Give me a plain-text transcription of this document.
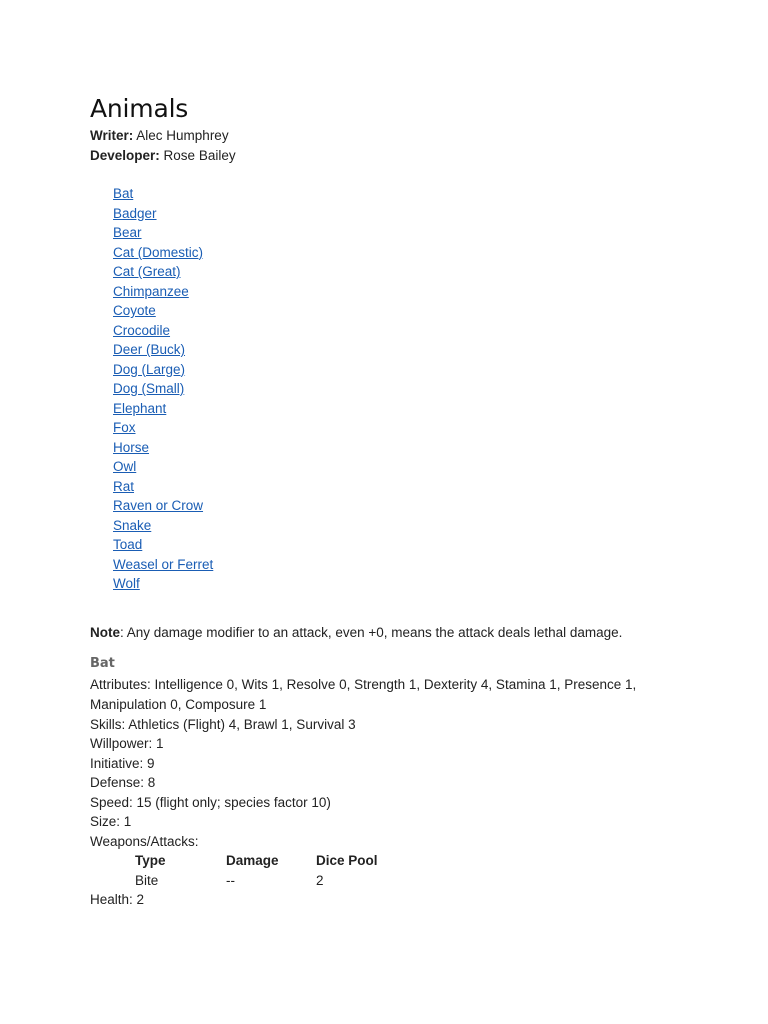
Animals

Writer: Alec Humphrey

Developer: Rose Bailey

Bat
Badger
Bear
Cat (Domestic)
Cat (Great)
Chimpanzee
Coyote
Crocodile
Deer (Buck)
Dog (Large)
Dog (Small)
Elephant
Fox
Horse
Owl
Rat
Raven or Crow
Snake
Toad
Weasel or Ferret
Wolf

Note: Any damage modifier to an attack, even +0, means the attack deals lethal damage.

Bat

Attributes: Intelligence 0, Wits 1, Resolve 0, Strength 1, Dexterity 4, Stamina 1, Presence 1, Manipulation 0, Composure 1

Skills: Athletics (Flight) 4, Brawl 1, Survival 3

Willpower: 1

Initiative: 9

Defense: 8

Speed: 15 (flight only; species factor 10)

Size: 1

Weapons/Attacks:

Type	Damage	Dice Pool
Bite	--	2

Health: 2
